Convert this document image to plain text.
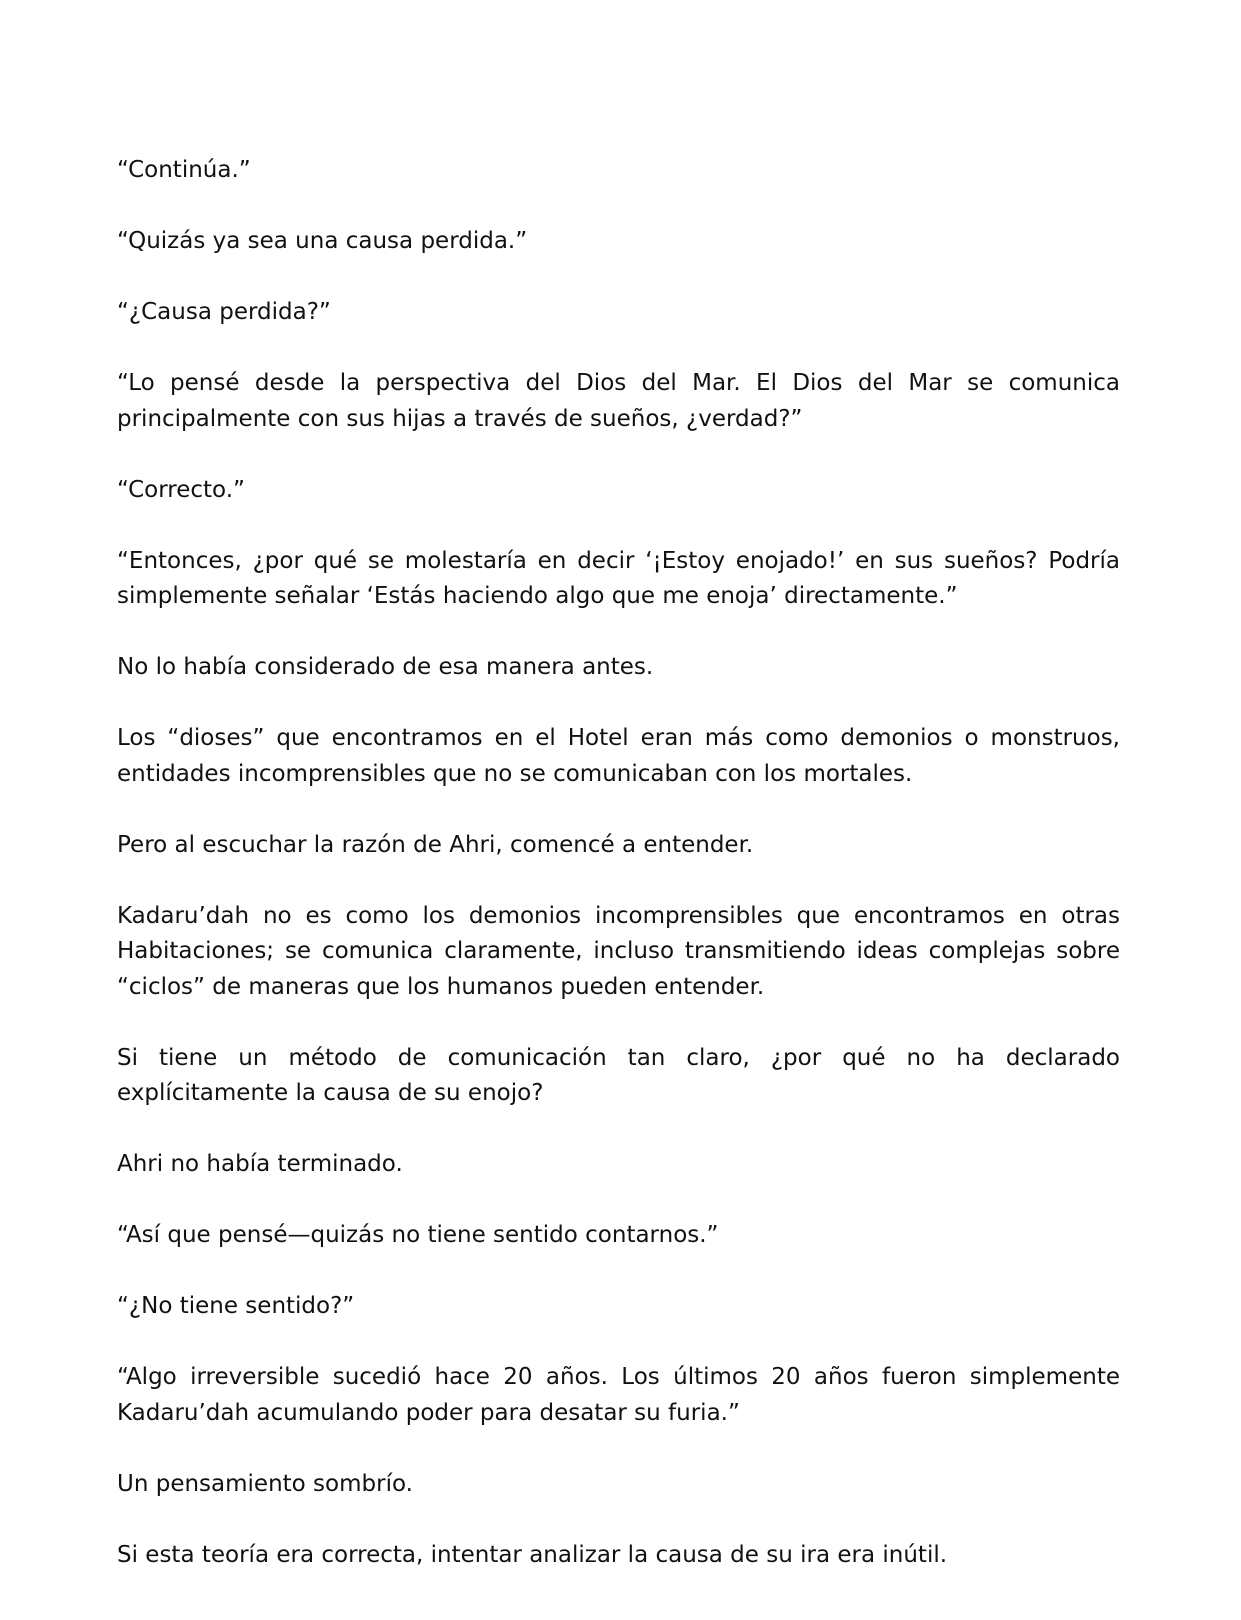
“Continúa.”

“Quizás ya sea una causa perdida.”

“¿Causa perdida?”

“Lo pensé desde la perspectiva del Dios del Mar. El Dios del Mar se comunica principalmente con sus hijas a través de sueños, ¿verdad?”

“Correcto.”

“Entonces, ¿por qué se molestaría en decir ‘¡Estoy enojado!’ en sus sueños? Podría simplemente señalar ‘Estás haciendo algo que me enoja’ directamente.”

No lo había considerado de esa manera antes.

Los “dioses” que encontramos en el Hotel eran más como demonios o monstruos, entidades incomprensibles que no se comunicaban con los mortales.

Pero al escuchar la razón de Ahri, comencé a entender.

Kadaru’dah no es como los demonios incomprensibles que encontramos en otras Habitaciones; se comunica claramente, incluso transmitiendo ideas complejas sobre “ciclos” de maneras que los humanos pueden entender.

Si tiene un método de comunicación tan claro, ¿por qué no ha declarado explícitamente la causa de su enojo?

Ahri no había terminado.

“Así que pensé—quizás no tiene sentido contarnos.”

“¿No tiene sentido?”

“Algo irreversible sucedió hace 20 años. Los últimos 20 años fueron simplemente Kadaru’dah acumulando poder para desatar su furia.”

Un pensamiento sombrío.

Si esta teoría era correcta, intentar analizar la causa de su ira era inútil.
